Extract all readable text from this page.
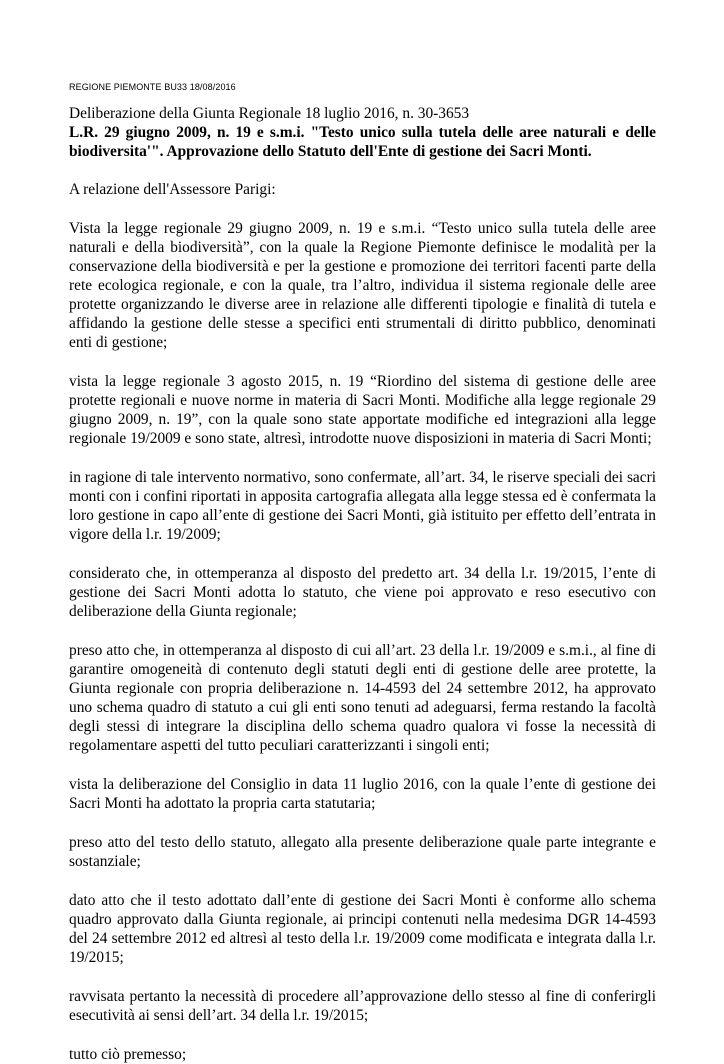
REGIONE PIEMONTE BU33 18/08/2016

Deliberazione della Giunta Regionale 18 luglio 2016, n. 30-3653

L.R. 29 giugno 2009, n. 19 e s.m.i. "Testo unico sulla tutela delle aree naturali e delle biodiversita'". Approvazione dello Statuto dell'Ente di gestione dei Sacri Monti.

A relazione dell'Assessore Parigi:

Vista la legge regionale 29 giugno 2009, n. 19 e s.m.i. “Testo unico sulla tutela delle aree naturali e della biodiversità”, con la quale la Regione Piemonte definisce le modalità per la conservazione della biodiversità e per la gestione e promozione dei territori facenti parte della rete ecologica regionale, e con la quale, tra l’altro, individua il sistema regionale delle aree protette organizzando le diverse aree in relazione alle differenti tipologie e finalità di tutela e affidando la gestione delle stesse a specifici enti strumentali di diritto pubblico, denominati enti di gestione;

vista la legge regionale 3 agosto 2015, n. 19 “Riordino del sistema di gestione delle aree protette regionali e nuove norme in materia di Sacri Monti. Modifiche alla legge regionale 29 giugno 2009, n. 19”, con la quale sono state apportate modifiche ed integrazioni alla legge regionale 19/2009 e sono state, altresì, introdotte nuove disposizioni in materia di Sacri Monti;

in ragione di tale intervento normativo, sono confermate, all’art. 34, le riserve speciali dei sacri monti con i confini riportati in apposita cartografia allegata alla legge stessa ed è confermata la loro gestione in capo all’ente di gestione dei Sacri Monti, già istituito per effetto dell’entrata in vigore della l.r. 19/2009;

considerato che, in ottemperanza al disposto del predetto art. 34 della l.r. 19/2015, l’ente di gestione dei Sacri Monti adotta lo statuto, che viene poi approvato e reso esecutivo con deliberazione della Giunta regionale;

preso atto che, in ottemperanza al disposto di cui all’art. 23 della l.r. 19/2009 e s.m.i., al fine di garantire omogeneità di contenuto degli statuti degli enti di gestione delle aree protette, la Giunta regionale con propria deliberazione n. 14-4593 del 24 settembre 2012, ha approvato uno schema quadro di statuto a cui gli enti sono tenuti ad adeguarsi, ferma restando la facoltà degli stessi di integrare la disciplina dello schema quadro qualora vi fosse la necessità di regolamentare aspetti del tutto peculiari caratterizzanti i singoli enti;

vista la deliberazione del Consiglio in data 11 luglio 2016, con la quale l’ente di gestione dei Sacri Monti ha adottato la propria carta statutaria;

preso atto del testo dello statuto, allegato alla presente deliberazione quale parte integrante e sostanziale;

dato atto che il testo adottato dall’ente di gestione dei Sacri Monti è conforme allo schema quadro approvato dalla Giunta regionale, ai principi contenuti nella medesima DGR 14-4593 del 24 settembre 2012 ed altresì al testo della l.r. 19/2009 come modificata e integrata dalla l.r. 19/2015;

ravvisata pertanto la necessità di procedere all’approvazione dello stesso al fine di conferirgli esecutività ai sensi dell’art. 34 della l.r. 19/2015;

tutto ciò premesso;
